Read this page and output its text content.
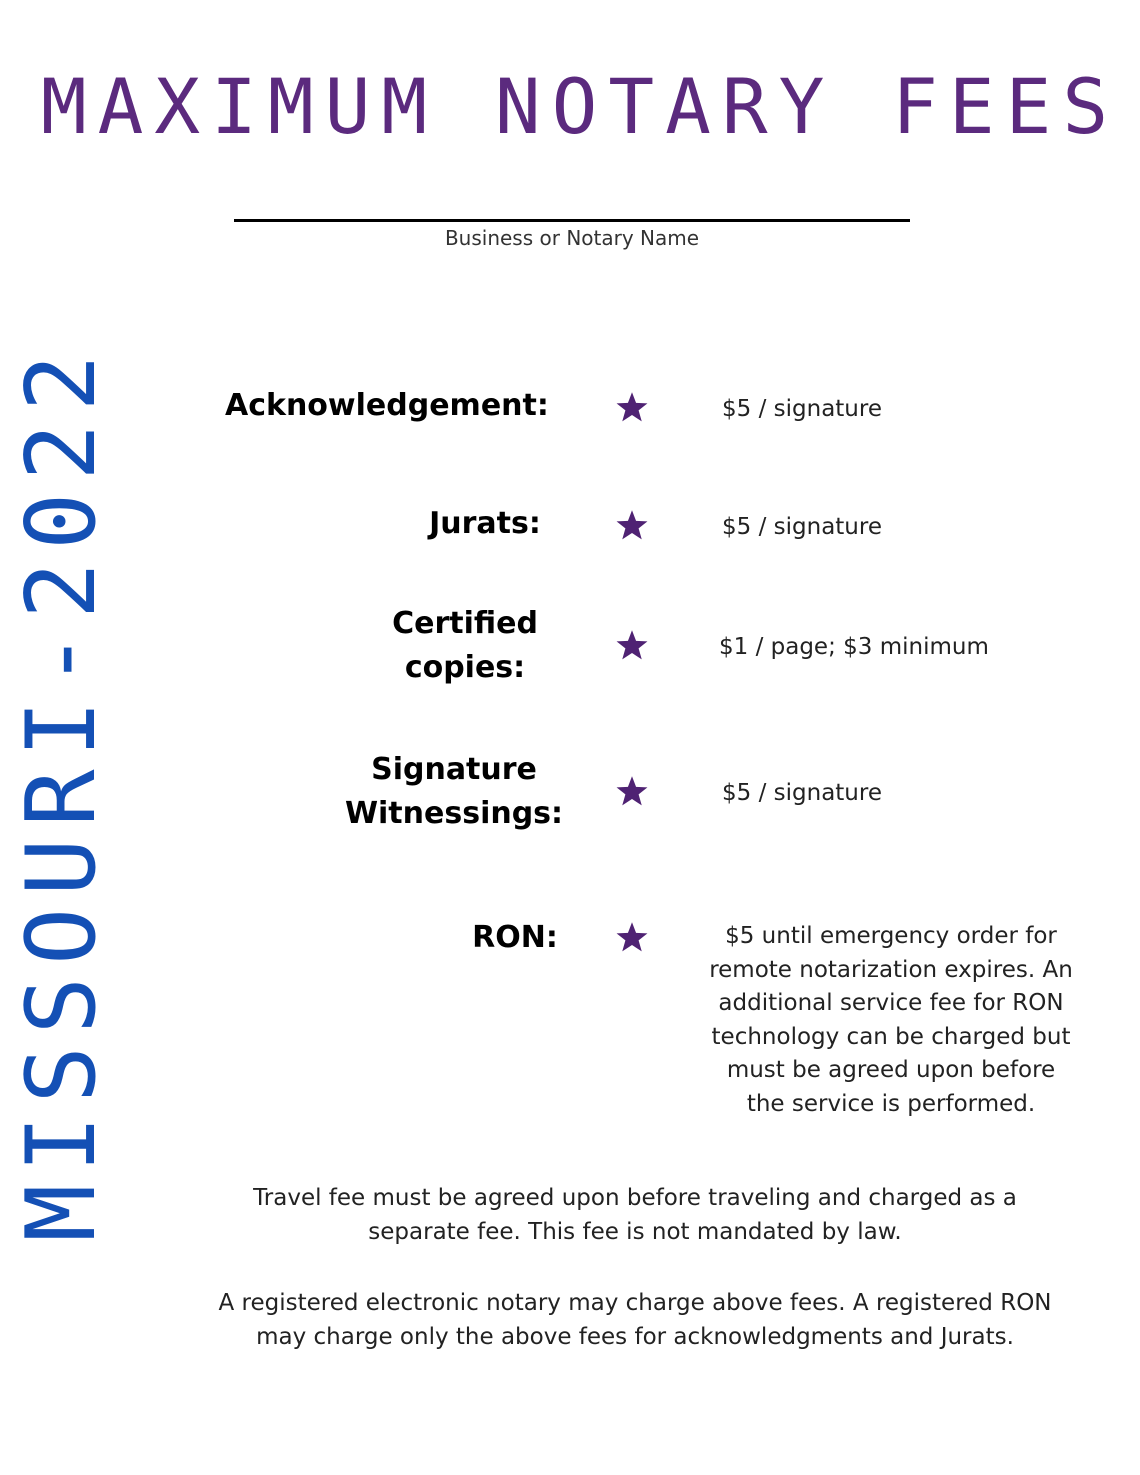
MAXIMUM NOTARY FEES
Business or Notary Name
MISSOURI-2022	Acknowledgement:	$5 / signature
Jurats:	$5 / signature
Certified
copies:
$1 / page; $3 minimum
Signature
Witnessings:
$5 / signature
RON:	$5 until emergency order for remote notarization expires. An additional service fee for RON technology can be charged but must be agreed upon before the service is performed.
Travel fee must be agreed upon before traveling and charged as a separate fee. This fee is not mandated by law.
A registered electronic notary may charge above fees. A registered RON may charge only the above fees for acknowledgments and Jurats.
